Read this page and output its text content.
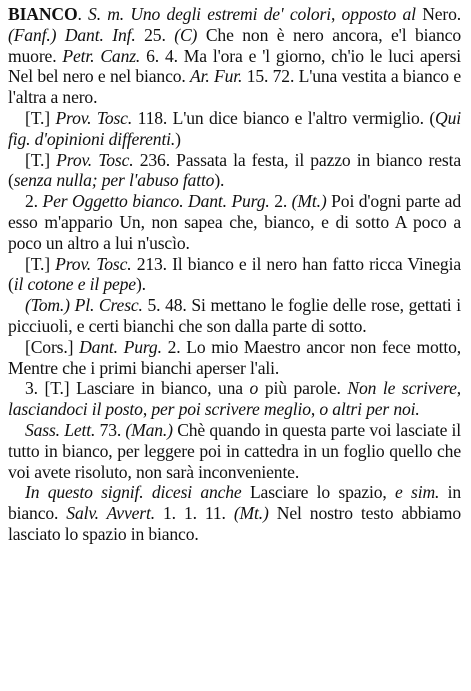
BIANCO. S. m. Uno degli estremi de' colori, opposto al Nero. (Fanf.) Dant. Inf. 25. (C) Che non è nero ancora, e'l bianco muore. Petr. Canz. 6. 4. Ma l'ora e 'l giorno, ch'io le luci apersi Nel bel nero e nel bianco. Ar. Fur. 15. 72. L'una vestita a bianco e l'altra a nero.

[T.] Prov. Tosc. 118. L'un dice bianco e l'altro vermiglio. (Qui fig. d'opinioni differenti.)

[T.] Prov. Tosc. 236. Passata la festa, il pazzo in bianco resta (senza nulla; per l'abuso fatto).

2. Per Oggetto bianco. Dant. Purg. 2. (Mt.) Poi d'ogni parte ad esso m'appario Un, non sapea che, bianco, e di sotto A poco a poco un altro a lui n'uscìo.

[T.] Prov. Tosc. 213. Il bianco e il nero han fatto ricca Vinegia (il cotone e il pepe).

(Tom.) Pl. Cresc. 5. 48. Si mettano le foglie delle rose, gettati i picciuoli, e certi bianchi che son dalla parte di sotto.

[Cors.] Dant. Purg. 2. Lo mio Maestro ancor non fece motto, Mentre che i primi bianchi aperser l'ali.

3. [T.] Lasciare in bianco, una o più parole. Non le scrivere, lasciandoci il posto, per poi scrivere meglio, o altri per noi.

Sass. Lett. 73. (Man.) Chè quando in questa parte voi lasciate il tutto in bianco, per leggere poi in cattedra in un foglio quello che voi avete risoluto, non sarà inconveniente.

In questo signif. dicesi anche Lasciare lo spazio, e sim. in bianco. Salv. Avvert. 1. 1. 11. (Mt.) Nel nostro testo abbiamo lasciato lo spazio in bianco.
